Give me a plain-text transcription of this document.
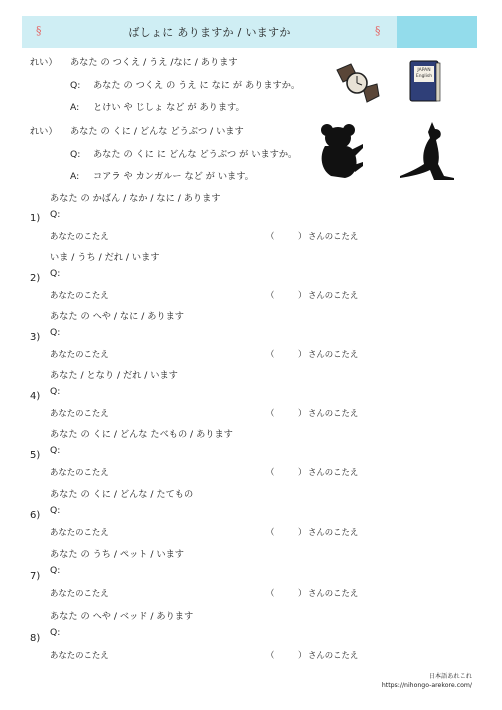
§	ばしょに ありますか / いますか	§
れい） あなた の つくえ / うえ /なに / あります
Q: あなた の つくえ の うえ に なに が ありますか。
A: とけい や じしょ など が あります。
JAPAN English
れい） あなた の くに / どんな どうぶつ / います
Q: あなた の くに に どんな どうぶつ が いますか。
A: コアラ や カンガルー など が います。
あなた の かばん / なか / なに / あります
1) Q:
あなたのこたえ	（	） さんのこたえ
いま / うち / だれ / います
2) Q:
あなたのこたえ	（	） さんのこたえ
あなた の へや / なに / あります
3) Q:
あなたのこたえ	（	） さんのこたえ
あなた / となり / だれ / います
4) Q:
あなたのこたえ	（	） さんのこたえ
あなた の くに / どんな たべもの / あります
5) Q:
あなたのこたえ	（	） さんのこたえ
あなた の くに / どんな / たてもの
6) Q:
あなたのこたえ	（	） さんのこたえ
あなた の うち / ペット / います
7)
Q:
あなたのこたえ	（	） さんのこたえ
あなた の へや / ベッド / あります
8)
Q:
あなたのこたえ	（	） さんのこたえ
日本語あれこれ
https://nihongo-arekore.com/
